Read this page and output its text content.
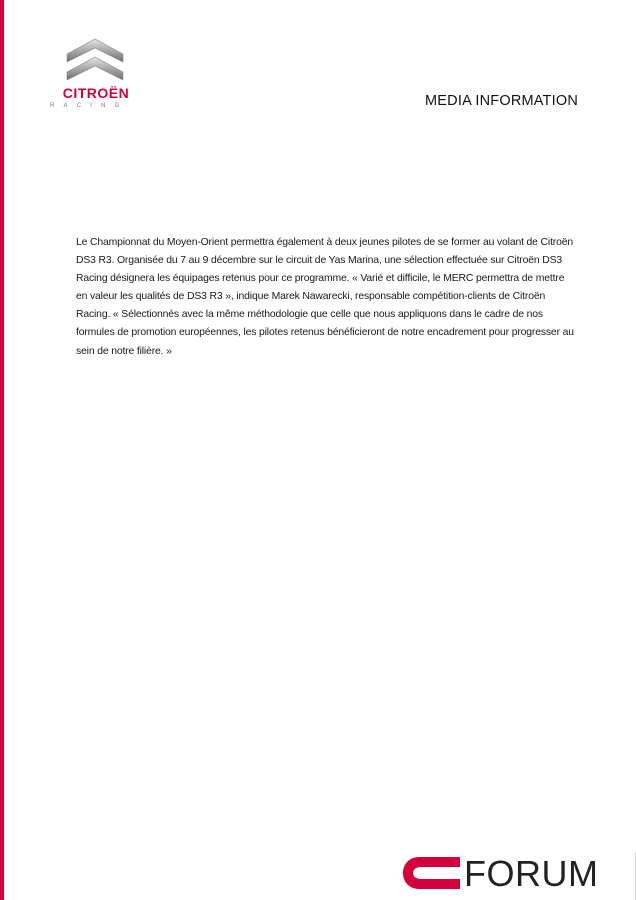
CITROËN
RACING	MEDIA INFORMATION

Le Championnat du Moyen-Orient permettra également à deux jeunes pilotes de se former au volant de Citroën DS3 R3. Organisée du 7 au 9 décembre sur le circuit de Yas Marina, une sélection effectuée sur Citroën DS3 Racing désignera les équipages retenus pour ce programme. « Varié et difficile, le MERC permettra de mettre en valeur les qualités de DS3 R3 », indique Marek Nawarecki, responsable compétition-clients de Citroën Racing. « Sélectionnés avec la même méthodologie que celle que nous appliquons dans le cadre de nos formules de promotion européennes, les pilotes retenus bénéficieront de notre encadrement pour progresser au sein de notre filière. »

FORUM
